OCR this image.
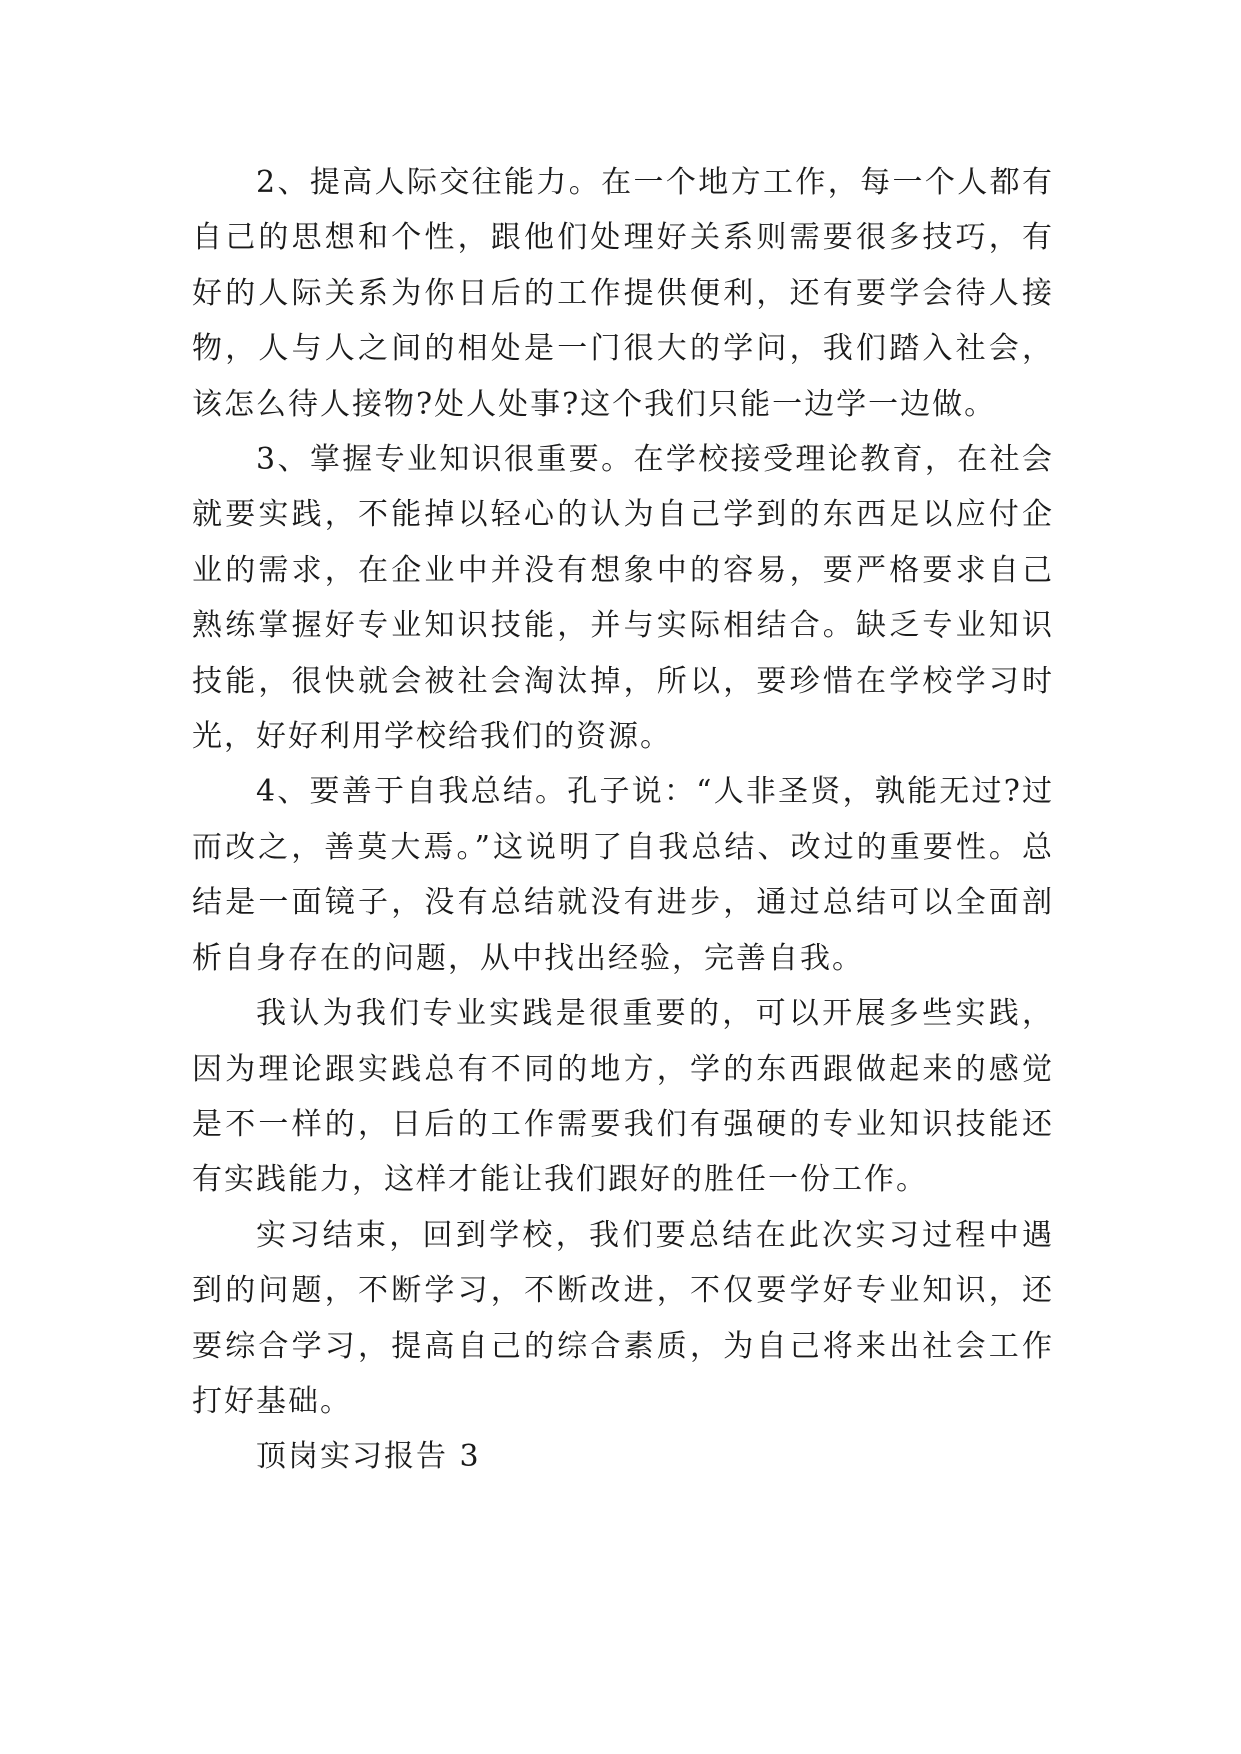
2、提高人际交往能力。在一个地方工作，每一个人都有自己的思想和个性，跟他们处理好关系则需要很多技巧，有好的人际关系为你日后的工作提供便利，还有要学会待人接物，人与人之间的相处是一门很大的学问，我们踏入社会，该怎么待人接物?处人处事?这个我们只能一边学一边做。

3、掌握专业知识很重要。在学校接受理论教育，在社会就要实践，不能掉以轻心的认为自己学到的东西足以应付企业的需求，在企业中并没有想象中的容易，要严格要求自己熟练掌握好专业知识技能，并与实际相结合。缺乏专业知识技能，很快就会被社会淘汰掉，所以，要珍惜在学校学习时光，好好利用学校给我们的资源。

4、要善于自我总结。孔子说：“人非圣贤，孰能无过?过而改之，善莫大焉。”这说明了自我总结、改过的重要性。总结是一面镜子，没有总结就没有进步，通过总结可以全面剖析自身存在的问题，从中找出经验，完善自我。

我认为我们专业实践是很重要的，可以开展多些实践，因为理论跟实践总有不同的地方，学的东西跟做起来的感觉是不一样的，日后的工作需要我们有强硬的专业知识技能还有实践能力，这样才能让我们跟好的胜任一份工作。

实习结束，回到学校，我们要总结在此次实习过程中遇到的问题，不断学习，不断改进，不仅要学好专业知识，还要综合学习，提高自己的综合素质，为自己将来出社会工作打好基础。

顶岗实习报告 3
